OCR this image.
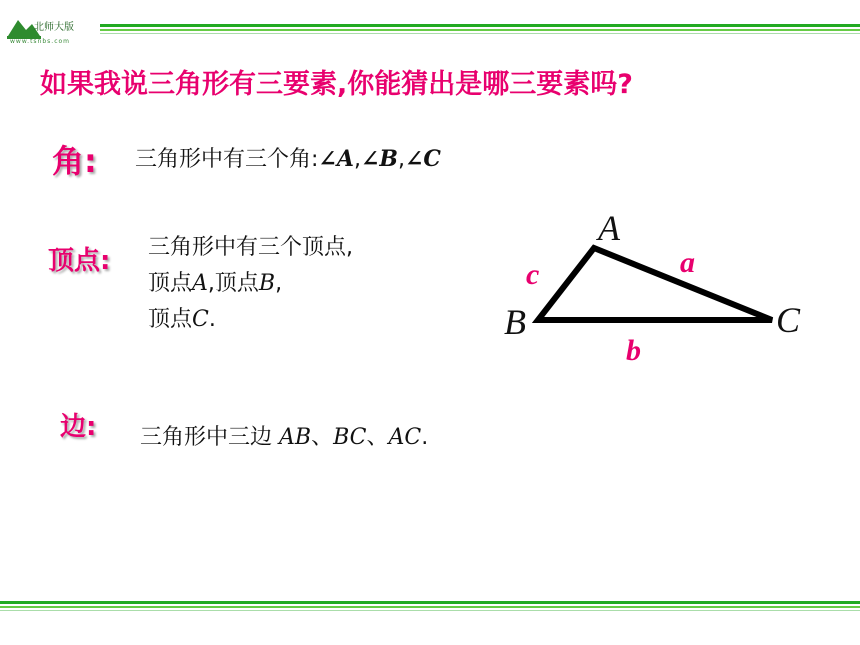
北师大版
www.tsnbs.com
如果我说三角形有三要素,你能猜出是哪三要素吗?
角: 三角形中有三个角:∠A,∠B,∠C
顶点: 三角形中有三个顶点,
顶点A,顶点B,
顶点C.
A
B	C
a
b
c
边: 三角形中三边 AB、BC、AC.
